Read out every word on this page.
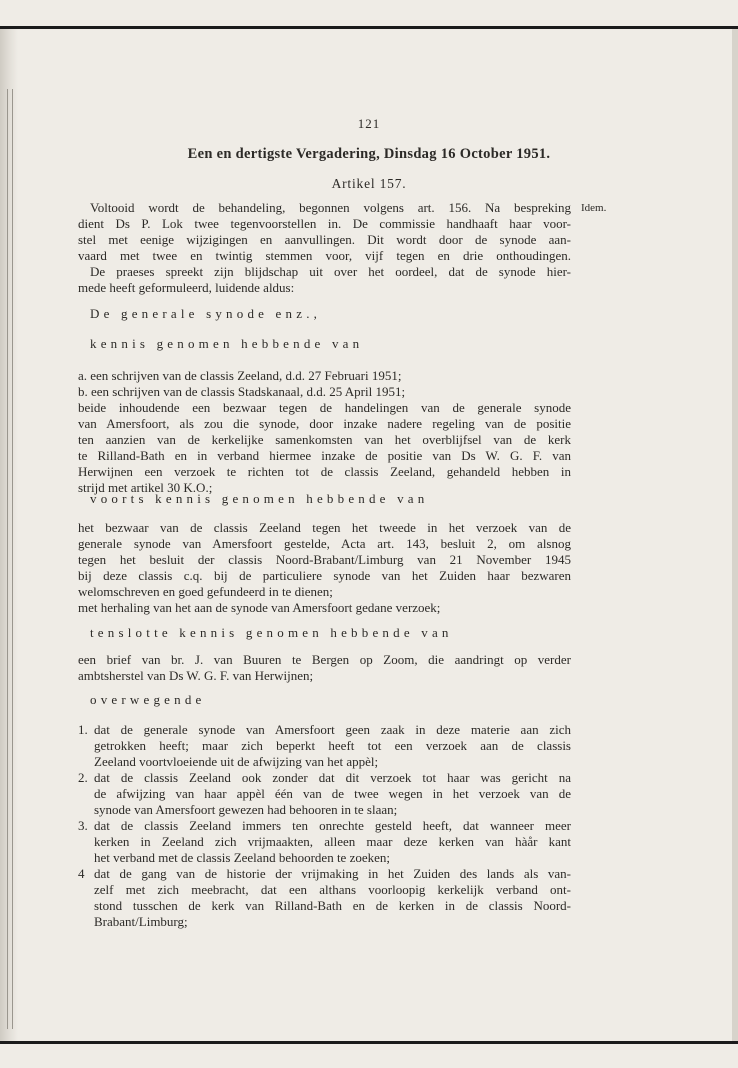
121
Een en dertigste Vergadering, Dinsdag 16 October 1951.
Artikel 157.
Idem.

Voltooid wordt de behandeling, begonnen volgens art. 156. Na bespreking
dient Ds P. Lok twee tegenvoorstellen in. De commissie handhaaft haar voor-
stel met eenige wijzigingen en aanvullingen. Dit wordt door de synode aan-
vaard met twee en twintig stemmen voor, vijf tegen en drie onthoudingen.

De praeses spreekt zijn blijdschap uit over het oordeel, dat de synode hier-
mede heeft geformuleerd, luidende aldus:

De generale synode enz.,

kennis genomen hebbende van

a. een schrijven van de classis Zeeland, d.d. 27 Februari 1951;
b. een schrijven van de classis Stadskanaal, d.d. 25 April 1951;

beide inhoudende een bezwaar tegen de handelingen van de generale synode
van Amersfoort, als zou die synode, door inzake nadere regeling van de positie
ten aanzien van de kerkelijke samenkomsten van het overblijfsel van de kerk
te Rilland-Bath en in verband hiermee inzake de positie van Ds W. G. F. van
Herwijnen een verzoek te richten tot de classis Zeeland, gehandeld hebben in
strijd met artikel 30 K.O.;

voorts kennis genomen hebbende van

het bezwaar van de classis Zeeland tegen het tweede in het verzoek van de
generale synode van Amersfoort gestelde, Acta art. 143, besluit 2, om alsnog
tegen het besluit der classis Noord-Brabant/Limburg van 21 November 1945
bij deze classis c.q. bij de particuliere synode van het Zuiden haar bezwaren
welomschreven en goed gefundeerd in te dienen;
met herhaling van het aan de synode van Amersfoort gedane verzoek;

tenslotte kennis genomen hebbende van

een brief van br. J. van Buuren te Bergen op Zoom, die aandringt op verder
ambtsherstel van Ds W. G. F. van Herwijnen;

overwegende

1. dat de generale synode van Amersfoort geen zaak in deze materie aan zich
getrokken heeft; maar zich beperkt heeft tot een verzoek aan de classis
Zeeland voortvloeiende uit de afwijzing van het appèl;
2. dat de classis Zeeland ook zonder dat dit verzoek tot haar was gericht na
de afwijzing van haar appèl één van de twee wegen in het verzoek van de
synode van Amersfoort gewezen had behooren in te slaan;
3. dat de classis Zeeland immers ten onrechte gesteld heeft, dat wanneer meer
kerken in Zeeland zich vrijmaakten, alleen maar deze kerken van hàår kant
het verband met de classis Zeeland behoorden te zoeken;
4 dat de gang van de historie der vrijmaking in het Zuiden des lands als van-
zelf met zich meebracht, dat een althans voorloopig kerkelijk verband ont-
stond tusschen de kerk van Rilland-Bath en de kerken in de classis Noord-
Brabant/Limburg;
